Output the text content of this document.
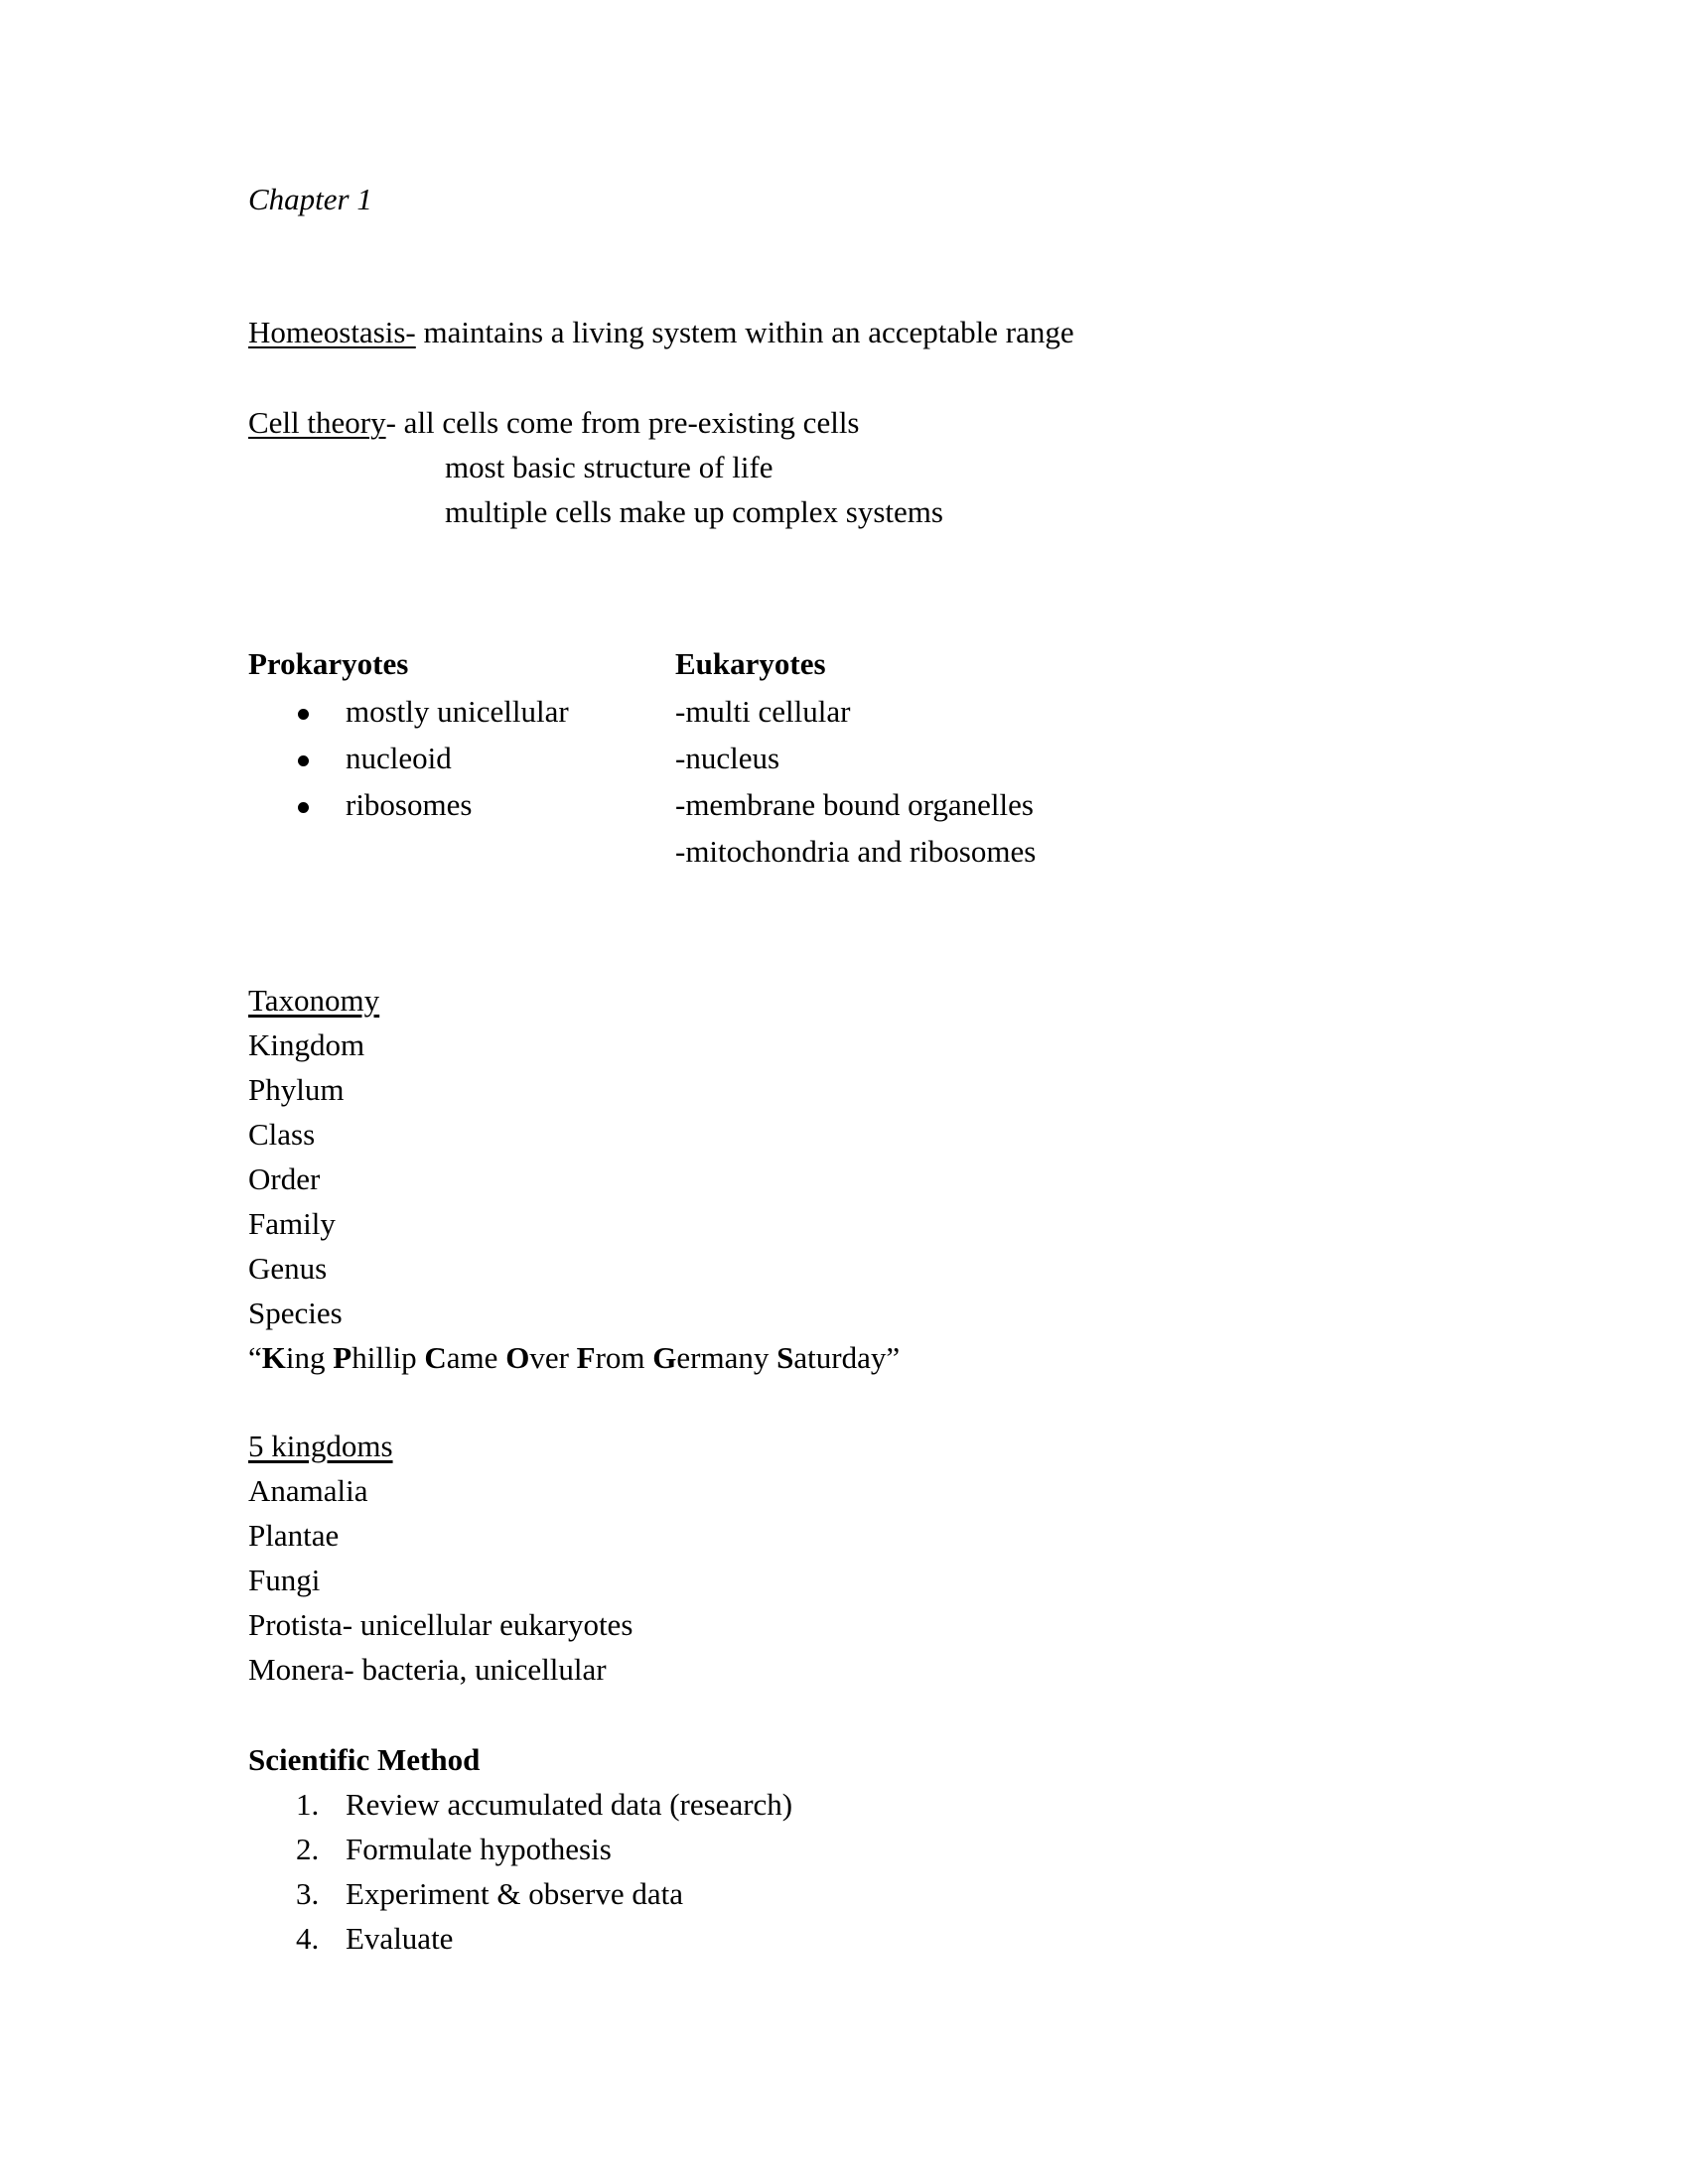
Chapter 1

Homeostasis- maintains a living system within an acceptable range

Cell theory- all cells come from pre-existing cells

most basic structure of life
multiple cells make up complex systems
Prokaryotes
mostly unicellular
nucleoid
ribosomes
Eukaryotes
-multi cellular
-nucleus
-membrane bound organelles
-mitochondria and ribosomes
Taxonomy
Kingdom
Phylum
Class
Order
Family
Genus
Species

“King Phillip Came Over From Germany Saturday”

5 kingdoms
Anamalia
Plantae
Fungi
Protista- unicellular eukaryotes
Monera- bacteria, unicellular
Scientific Method
Review accumulated data (research)
Formulate hypothesis
Experiment & observe data
Evaluate
